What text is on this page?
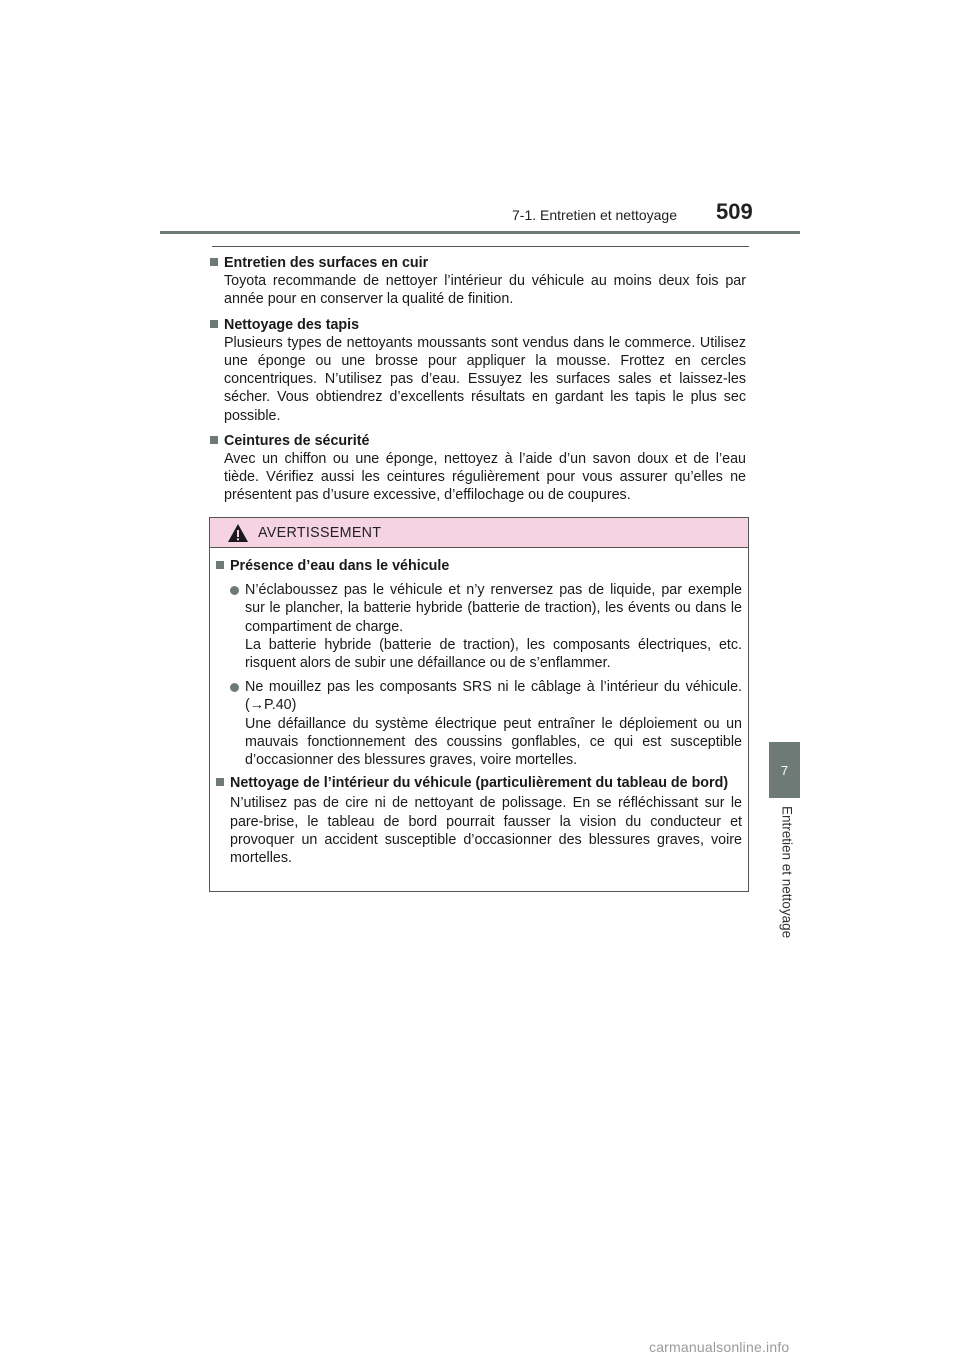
7-1. Entretien et nettoyage 509
7
Entretien et nettoyage
Entretien des surfaces en cuir
Toyota recommande de nettoyer l’intérieur du véhicule au moins deux fois par année pour en conserver la qualité de finition.
Nettoyage des tapis
Plusieurs types de nettoyants moussants sont vendus dans le commerce. Utilisez une éponge ou une brosse pour appliquer la mousse. Frottez en cercles concentriques. N’utilisez pas d’eau. Essuyez les surfaces sales et laissez-les sécher. Vous obtiendrez d’excellents résultats en gardant les tapis le plus sec possible.
Ceintures de sécurité
Avec un chiffon ou une éponge, nettoyez à l’aide d’un savon doux et de l’eau tiède. Vérifiez aussi les ceintures régulièrement pour vous assurer qu’elles ne présentent pas d’usure excessive, d’effilochage ou de coupures.
AVERTISSEMENT
Présence d’eau dans le véhicule
N’éclaboussez pas le véhicule et n’y renversez pas de liquide, par exemple sur le plancher, la batterie hybride (batterie de traction), les évents ou dans le compartiment de charge.
La batterie hybride (batterie de traction), les composants électriques, etc. risquent alors de subir une défaillance ou de s’enflammer.
Ne mouillez pas les composants SRS ni le câblage à l’intérieur du véhicule. (→P.40)
Une défaillance du système électrique peut entraîner le déploiement ou un mauvais fonctionnement des coussins gonflables, ce qui est susceptible d’occasionner des blessures graves, voire mortelles.
Nettoyage de l’intérieur du véhicule (particulièrement du tableau de bord)
N’utilisez pas de cire ni de nettoyant de polissage. En se réfléchissant sur le pare-brise, le tableau de bord pourrait fausser la vision du conducteur et provoquer un accident susceptible d’occasionner des blessures graves, voire mortelles.
carmanualsonline.info
